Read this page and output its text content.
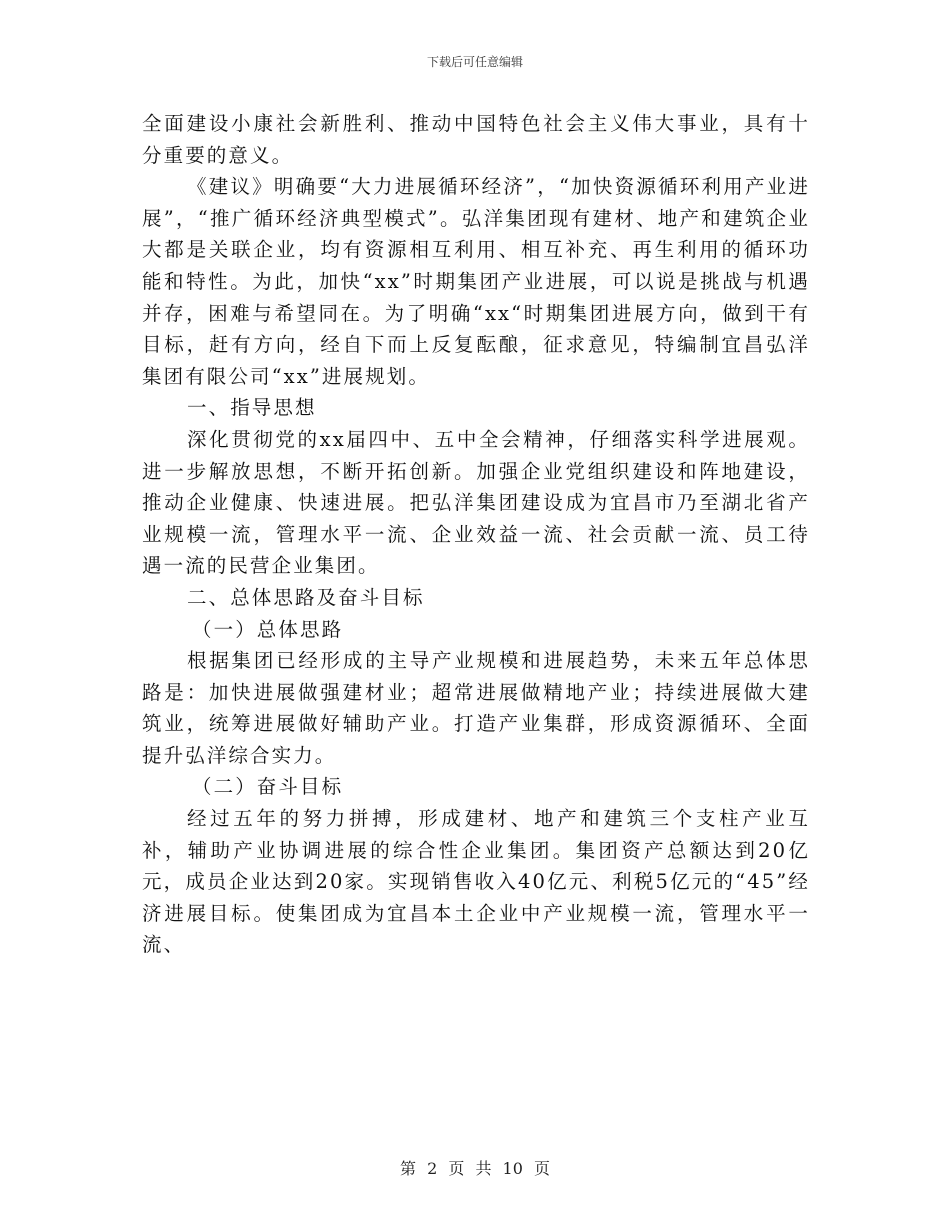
下载后可任意编辑

全面建设小康社会新胜利、推动中国特色社会主义伟大事业，具有十分重要的意义。

《建议》明确要“大力进展循环经济”，“加快资源循环利用产业进展”，“推广循环经济典型模式”。弘洋集团现有建材、地产和建筑企业大都是关联企业，均有资源相互利用、相互补充、再生利用的循环功能和特性。为此，加快“xx”时期集团产业进展，可以说是挑战与机遇并存，困难与希望同在。为了明确“xx“时期集团进展方向，做到干有目标，赶有方向，经自下而上反复酝酿，征求意见，特编制宜昌弘洋集团有限公司“xx”进展规划。

一、指导思想

深化贯彻党的xx届四中、五中全会精神，仔细落实科学进展观。进一步解放思想，不断开拓创新。加强企业党组织建设和阵地建设，推动企业健康、快速进展。把弘洋集团建设成为宜昌市乃至湖北省产业规模一流，管理水平一流、企业效益一流、社会贡献一流、员工待遇一流的民营企业集团。

二、总体思路及奋斗目标

（一）总体思路

根据集团已经形成的主导产业规模和进展趋势，未来五年总体思路是：加快进展做强建材业；超常进展做精地产业；持续进展做大建筑业，统筹进展做好辅助产业。打造产业集群，形成资源循环、全面提升弘洋综合实力。

（二）奋斗目标

经过五年的努力拼搏，形成建材、地产和建筑三个支柱产业互补，辅助产业协调进展的综合性企业集团。集团资产总额达到20亿元，成员企业达到20家。实现销售收入40亿元、利税5亿元的“45”经济进展目标。使集团成为宜昌本土企业中产业规模一流，管理水平一流、

第 2 页 共 10 页
